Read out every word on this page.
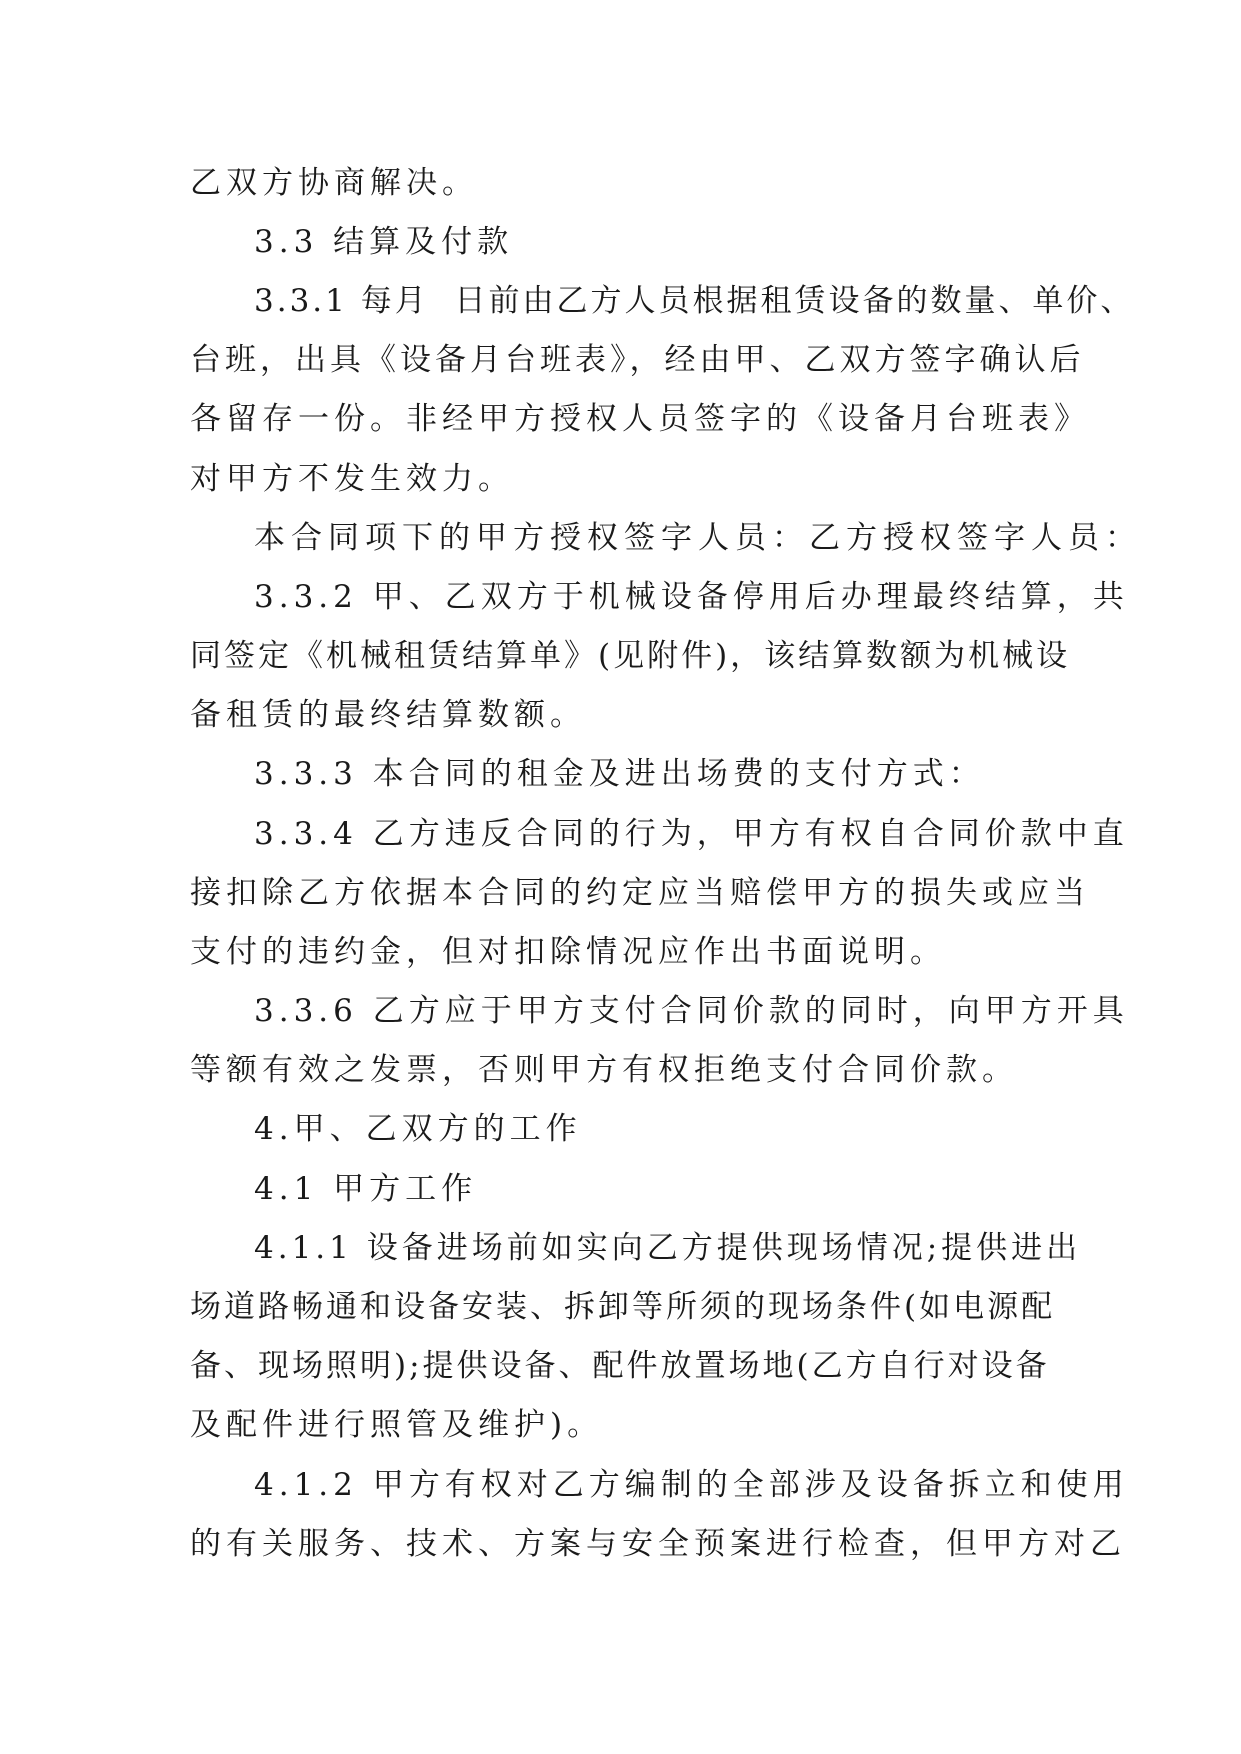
乙双方协商解决。
3.3 结算及付款
3.3.1 每月  日前由乙方人员根据租赁设备的数量、单价、
台班，出具《设备月台班表》，经由甲、乙双方签字确认后
各留存一份。非经甲方授权人员签字的《设备月台班表》
对甲方不发生效力。
本合同项下的甲方授权签字人员：乙方授权签字人员：
3.3.2 甲、乙双方于机械设备停用后办理最终结算，共
同签定《机械租赁结算单》(见附件)，该结算数额为机械设
备租赁的最终结算数额。
3.3.3 本合同的租金及进出场费的支付方式：
3.3.4 乙方违反合同的行为，甲方有权自合同价款中直
接扣除乙方依据本合同的约定应当赔偿甲方的损失或应当
支付的违约金，但对扣除情况应作出书面说明。
3.3.6 乙方应于甲方支付合同价款的同时，向甲方开具
等额有效之发票，否则甲方有权拒绝支付合同价款。
4.甲、乙双方的工作
4.1 甲方工作
4.1.1 设备进场前如实向乙方提供现场情况;提供进出
场道路畅通和设备安装、拆卸等所须的现场条件(如电源配
备、现场照明);提供设备、配件放置场地(乙方自行对设备
及配件进行照管及维护)。
4.1.2 甲方有权对乙方编制的全部涉及设备拆立和使用
的有关服务、技术、方案与安全预案进行检查，但甲方对乙
